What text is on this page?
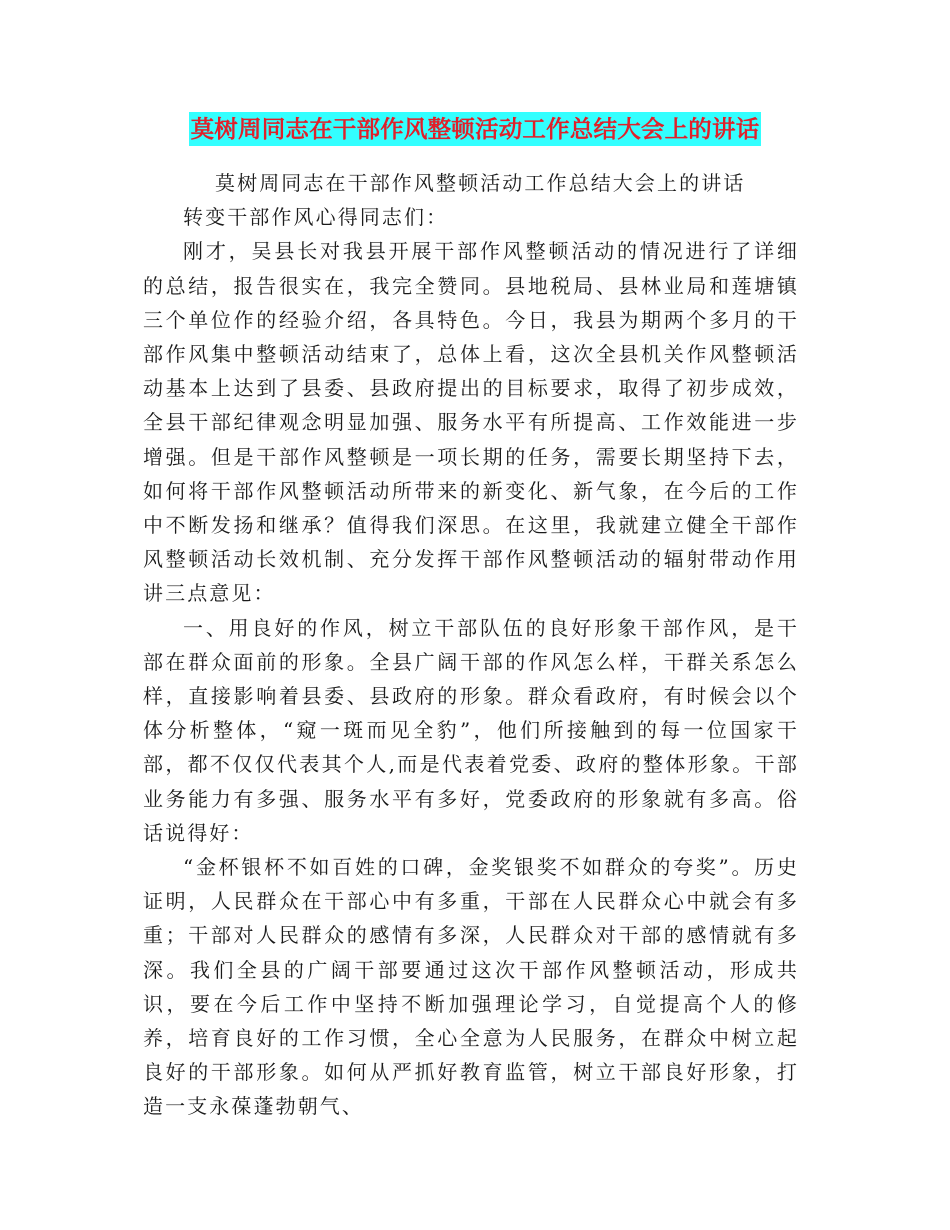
莫树周同志在干部作风整顿活动工作总结大会上的讲话

莫树周同志在干部作风整顿活动工作总结大会上的讲话

转变干部作风心得同志们：

刚才，吴县长对我县开展干部作风整顿活动的情况进行了详细的总结，报告很实在，我完全赞同。县地税局、县林业局和莲塘镇三个单位作的经验介绍，各具特色。今日，我县为期两个多月的干部作风集中整顿活动结束了，总体上看，这次全县机关作风整顿活动基本上达到了县委、县政府提出的目标要求，取得了初步成效，全县干部纪律观念明显加强、服务水平有所提高、工作效能进一步增强。但是干部作风整顿是一项长期的任务，需要长期坚持下去，如何将干部作风整顿活动所带来的新变化、新气象，在今后的工作中不断发扬和继承？值得我们深思。在这里，我就建立健全干部作风整顿活动长效机制、充分发挥干部作风整顿活动的辐射带动作用讲三点意见：

一、用良好的作风，树立干部队伍的良好形象干部作风，是干部在群众面前的形象。全县广阔干部的作风怎么样，干群关系怎么样，直接影响着县委、县政府的形象。群众看政府，有时候会以个体分析整体，“窥一斑而见全豹”，他们所接触到的每一位国家干部，都不仅仅代表其个人,而是代表着党委、政府的整体形象。干部业务能力有多强、服务水平有多好，党委政府的形象就有多高。俗话说得好：

“金杯银杯不如百姓的口碑，金奖银奖不如群众的夸奖”。历史证明，人民群众在干部心中有多重，干部在人民群众心中就会有多重；干部对人民群众的感情有多深，人民群众对干部的感情就有多深。我们全县的广阔干部要通过这次干部作风整顿活动，形成共识，要在今后工作中坚持不断加强理论学习，自觉提高个人的修养，培育良好的工作习惯，全心全意为人民服务，在群众中树立起良好的干部形象。如何从严抓好教育监管，树立干部良好形象，打造一支永葆蓬勃朝气、
